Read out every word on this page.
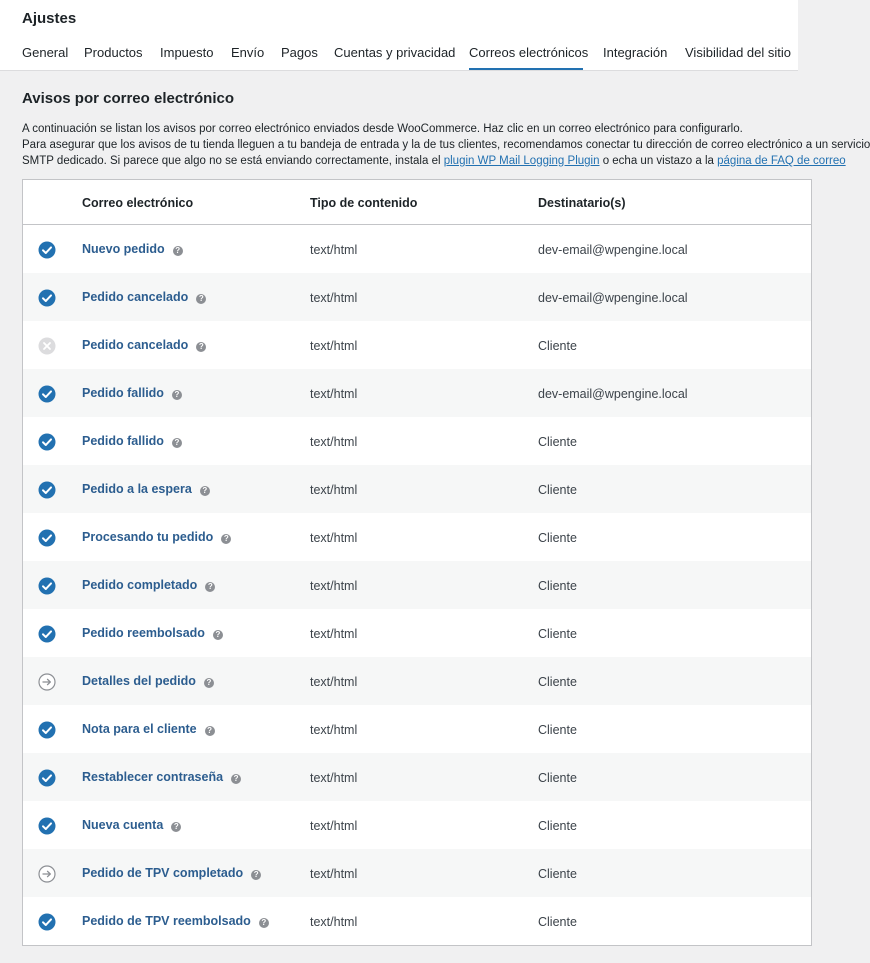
Ajustes
General Productos Impuesto Envío Pagos Cuentas y privacidad Correos electrónicos Integración Visibilidad del sitio
Avisos por correo electrónico
A continuación se listan los avisos por correo electrónico enviados desde WooCommerce. Haz clic en un correo electrónico para configurarlo.
Para asegurar que los avisos de tu tienda lleguen a tu bandeja de entrada y la de tus clientes, recomendamos conectar tu dirección de correo electrónico a un servicio
SMTP dedicado. Si parece que algo no se está enviando correctamente, instala el plugin WP Mail Logging Plugin o echa un vistazo a la página de FAQ de correo
Correo electrónico	Tipo de contenido	Destinatario(s)
Nuevo pedido ?	text/html	dev-email@wpengine.local
Pedido cancelado ?	text/html	dev-email@wpengine.local
Pedido cancelado ?	text/html	Cliente
Pedido fallido ?	text/html	dev-email@wpengine.local
Pedido fallido ?	text/html	Cliente
Pedido a la espera ?	text/html	Cliente
Procesando tu pedido ?	text/html	Cliente
Pedido completado ?	text/html	Cliente
Pedido reembolsado ?	text/html	Cliente
Detalles del pedido ?	text/html	Cliente
Nota para el cliente ?	text/html	Cliente
Restablecer contraseña ?	text/html	Cliente
Nueva cuenta ?	text/html	Cliente
Pedido de TPV completado ?	text/html	Cliente
Pedido de TPV reembolsado ?	text/html	Cliente
